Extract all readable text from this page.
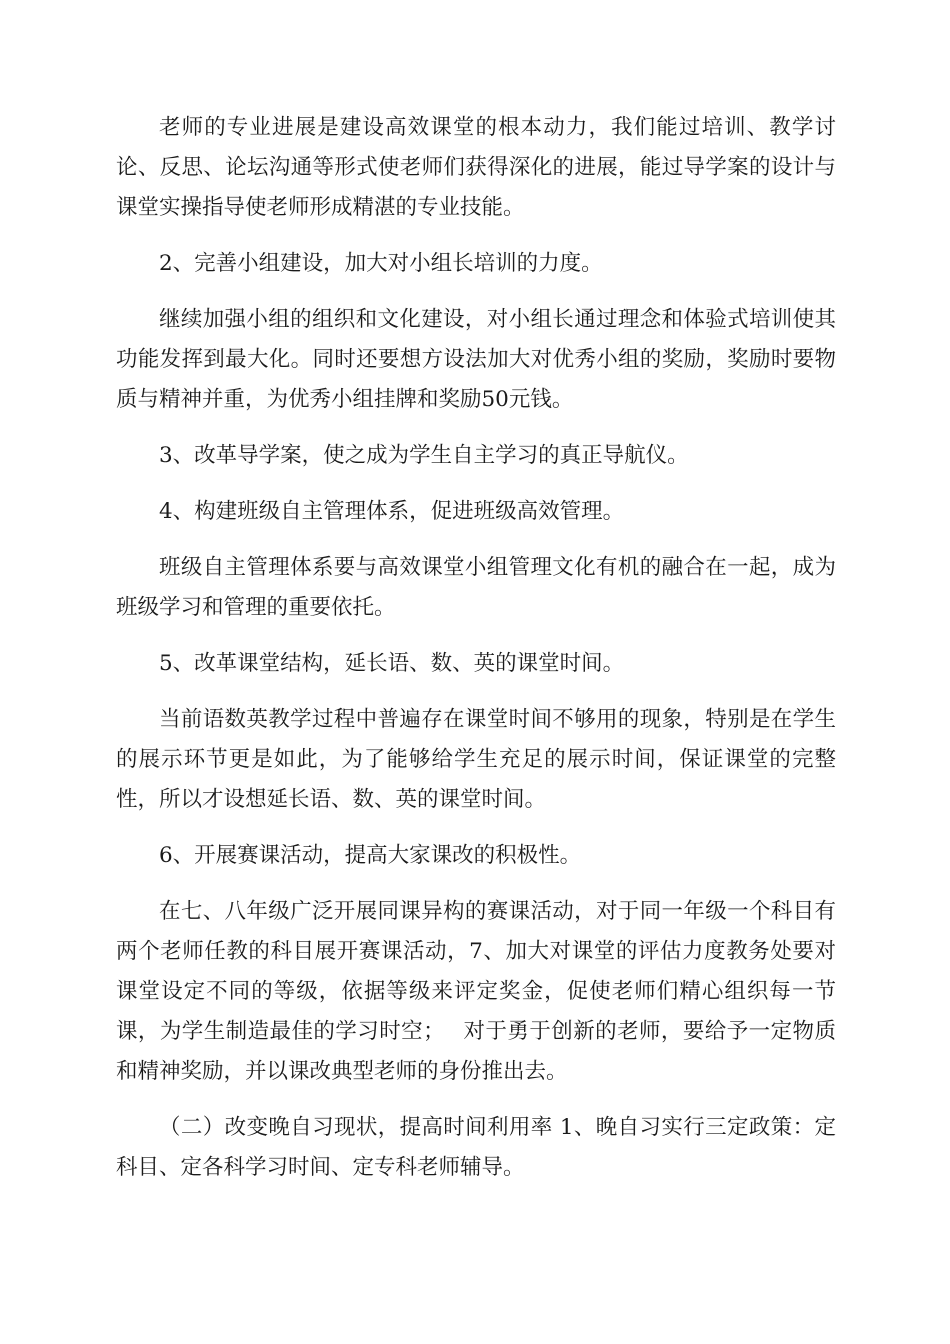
老师的专业进展是建设高效课堂的根本动力，我们能过培训、教学讨论、反思、论坛沟通等形式使老师们获得深化的进展，能过导学案的设计与课堂实操指导使老师形成精湛的专业技能。

2、完善小组建设，加大对小组长培训的力度。

继续加强小组的组织和文化建设，对小组长通过理念和体验式培训使其功能发挥到最大化。同时还要想方设法加大对优秀小组的奖励，奖励时要物质与精神并重，为优秀小组挂牌和奖励50元钱。

3、改革导学案，使之成为学生自主学习的真正导航仪。

4、构建班级自主管理体系，促进班级高效管理。

班级自主管理体系要与高效课堂小组管理文化有机的融合在一起，成为班级学习和管理的重要依托。

5、改革课堂结构，延长语、数、英的课堂时间。

当前语数英教学过程中普遍存在课堂时间不够用的现象，特别是在学生的展示环节更是如此，为了能够给学生充足的展示时间，保证课堂的完整性，所以才设想延长语、数、英的课堂时间。

6、开展赛课活动，提高大家课改的积极性。

在七、八年级广泛开展同课异构的赛课活动，对于同一年级一个科目有两个老师任教的科目展开赛课活动，7、加大对课堂的评估力度教务处要对课堂设定不同的等级，依据等级来评定奖金，促使老师们精心组织每一节课，为学生制造最佳的学习时空；　 对于勇于创新的老师，要给予一定物质和精神奖励，并以课改典型老师的身份推出去。

（二）改变晚自习现状，提高时间利用率 1、晚自习实行三定政策：定科目、定各科学习时间、定专科老师辅导。
